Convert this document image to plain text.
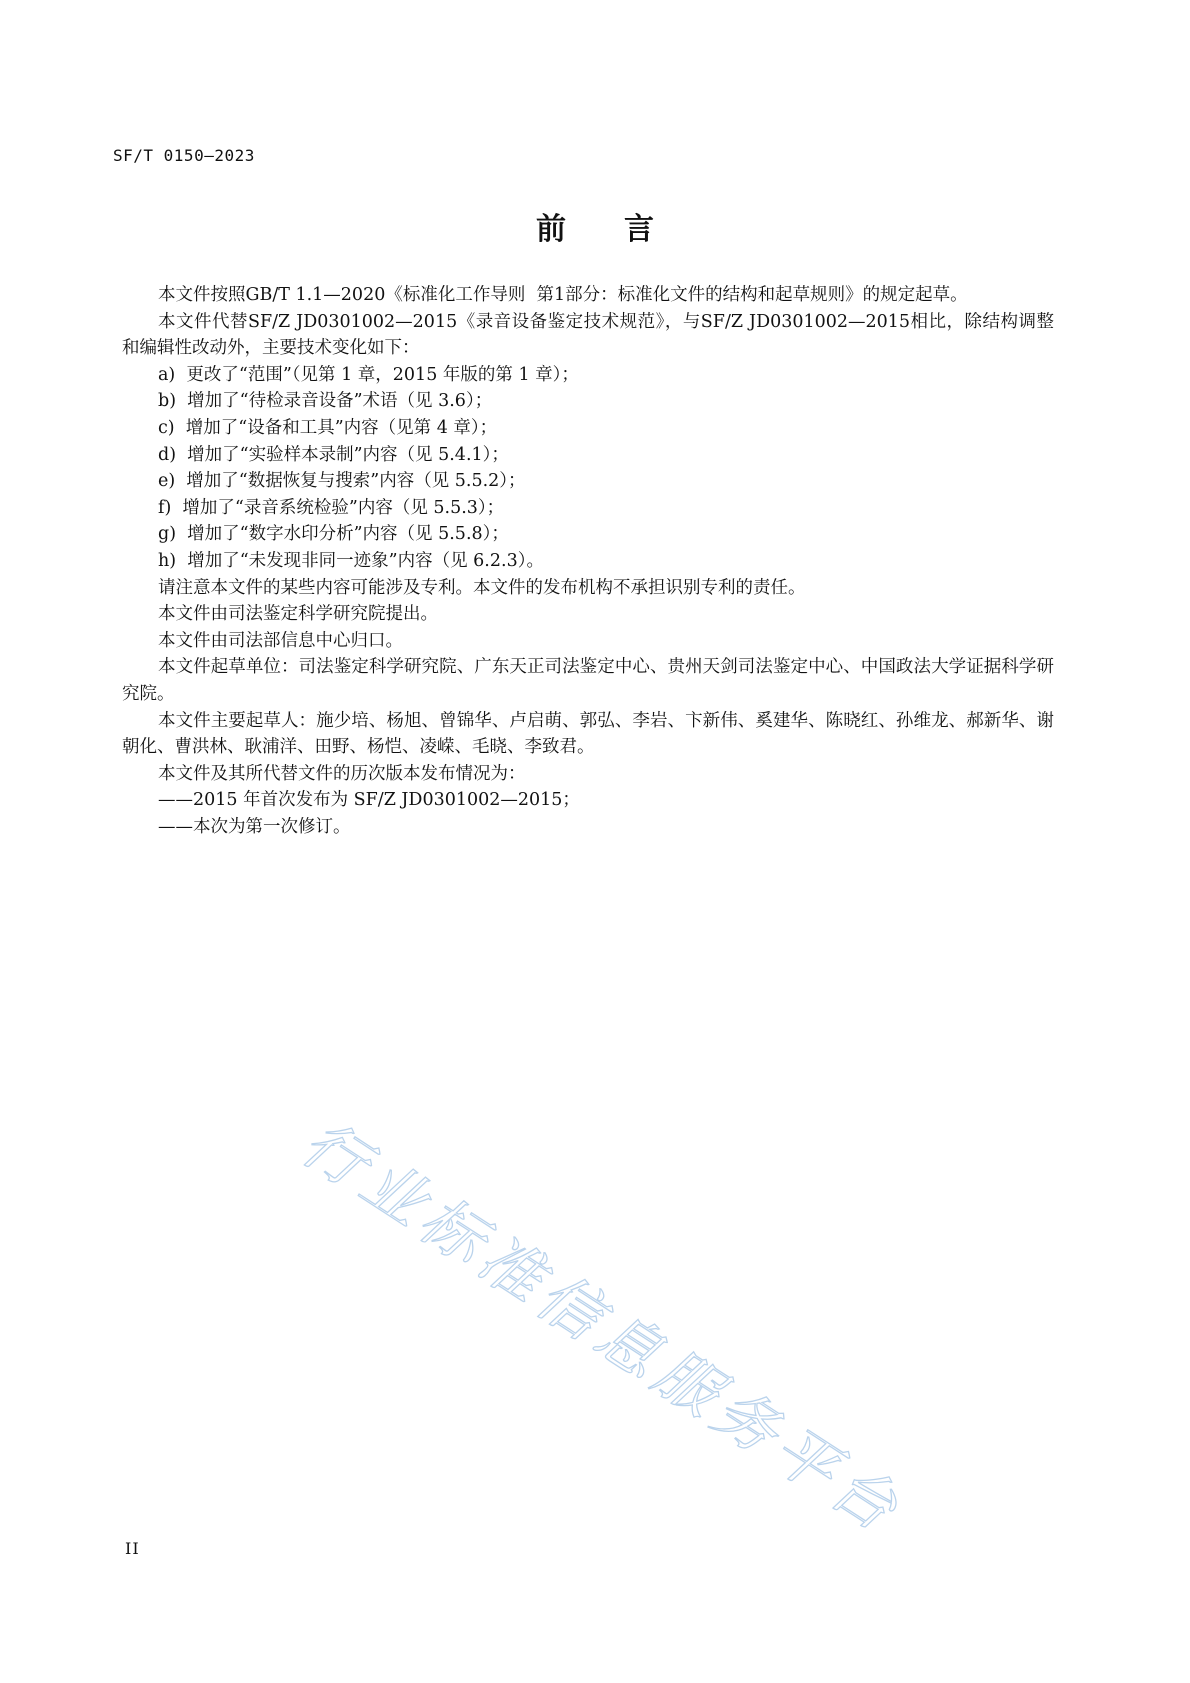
SF/T 0150—2023
前 言

本文件按照GB/T 1.1—2020《标准化工作导则  第1部分：标准化文件的结构和起草规则》的规定起草。

本文件代替SF/Z JD0301002—2015《录音设备鉴定技术规范》，与SF/Z JD0301002—2015相比，除结构调整和编辑性改动外，主要技术变化如下：

a)  更改了“范围”（见第 1 章，2015 年版的第 1 章）；

b)  增加了“待检录音设备”术语（见 3.6）；

c)  增加了“设备和工具”内容（见第 4 章）；

d)  增加了“实验样本录制”内容（见 5.4.1）；

e)  增加了“数据恢复与搜索”内容（见 5.5.2）；

f)  增加了“录音系统检验”内容（见 5.5.3）；

g)  增加了“数字水印分析”内容（见 5.5.8）；

h)  增加了“未发现非同一迹象”内容（见 6.2.3）。

请注意本文件的某些内容可能涉及专利。本文件的发布机构不承担识别专利的责任。

本文件由司法鉴定科学研究院提出。

本文件由司法部信息中心归口。

本文件起草单位：司法鉴定科学研究院、广东天正司法鉴定中心、贵州天剑司法鉴定中心、中国政法大学证据科学研究院。

本文件主要起草人：施少培、杨旭、曾锦华、卢启萌、郭弘、李岩、卞新伟、奚建华、陈晓红、孙维龙、郝新华、谢朝化、曹洪林、耿浦洋、田野、杨恺、凌嵘、毛晓、李致君。

本文件及其所代替文件的历次版本发布情况为：

——2015 年首次发布为 SF/Z JD0301002—2015；

——本次为第一次修订。

行业标准信息服务平台
II
